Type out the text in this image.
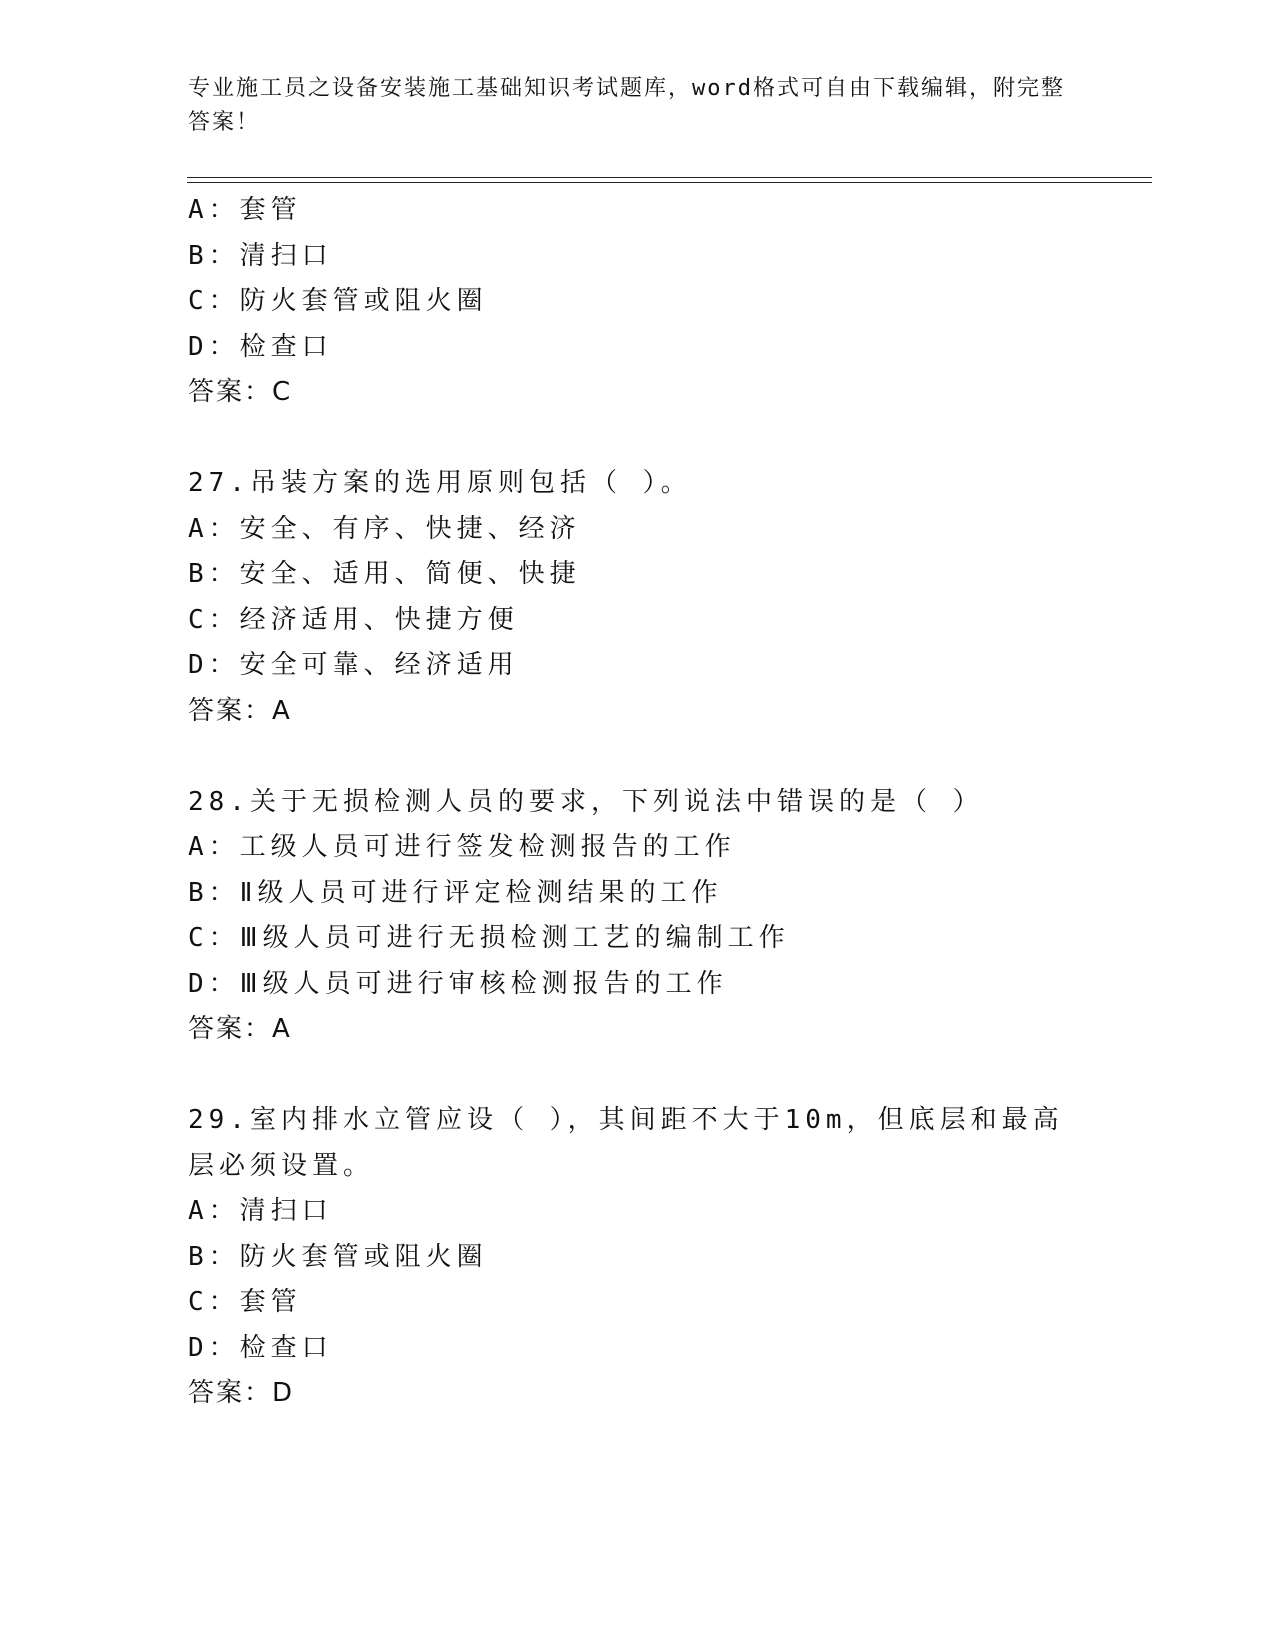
专业施工员之设备安装施工基础知识考试题库，word格式可自由下载编辑，附完整答案！
A：套管
B：清扫口
C：防火套管或阻火圈
D：检查口
答案：C
27.吊装方案的选用原则包括（ ）。
A：安全、有序、快捷、经济
B：安全、适用、简便、快捷
C：经济适用、快捷方便
D：安全可靠、经济适用
答案：A
28.关于无损检测人员的要求，下列说法中错误的是（ ）
A：工级人员可进行签发检测报告的工作
B：Ⅱ级人员可进行评定检测结果的工作
C：Ⅲ级人员可进行无损检测工艺的编制工作
D：Ⅲ级人员可进行审核检测报告的工作
答案：A
29.室内排水立管应设（ ），其间距不大于10m，但底层和最高层必须设置。
A：清扫口
B：防火套管或阻火圈
C：套管
D：检查口
答案：D
